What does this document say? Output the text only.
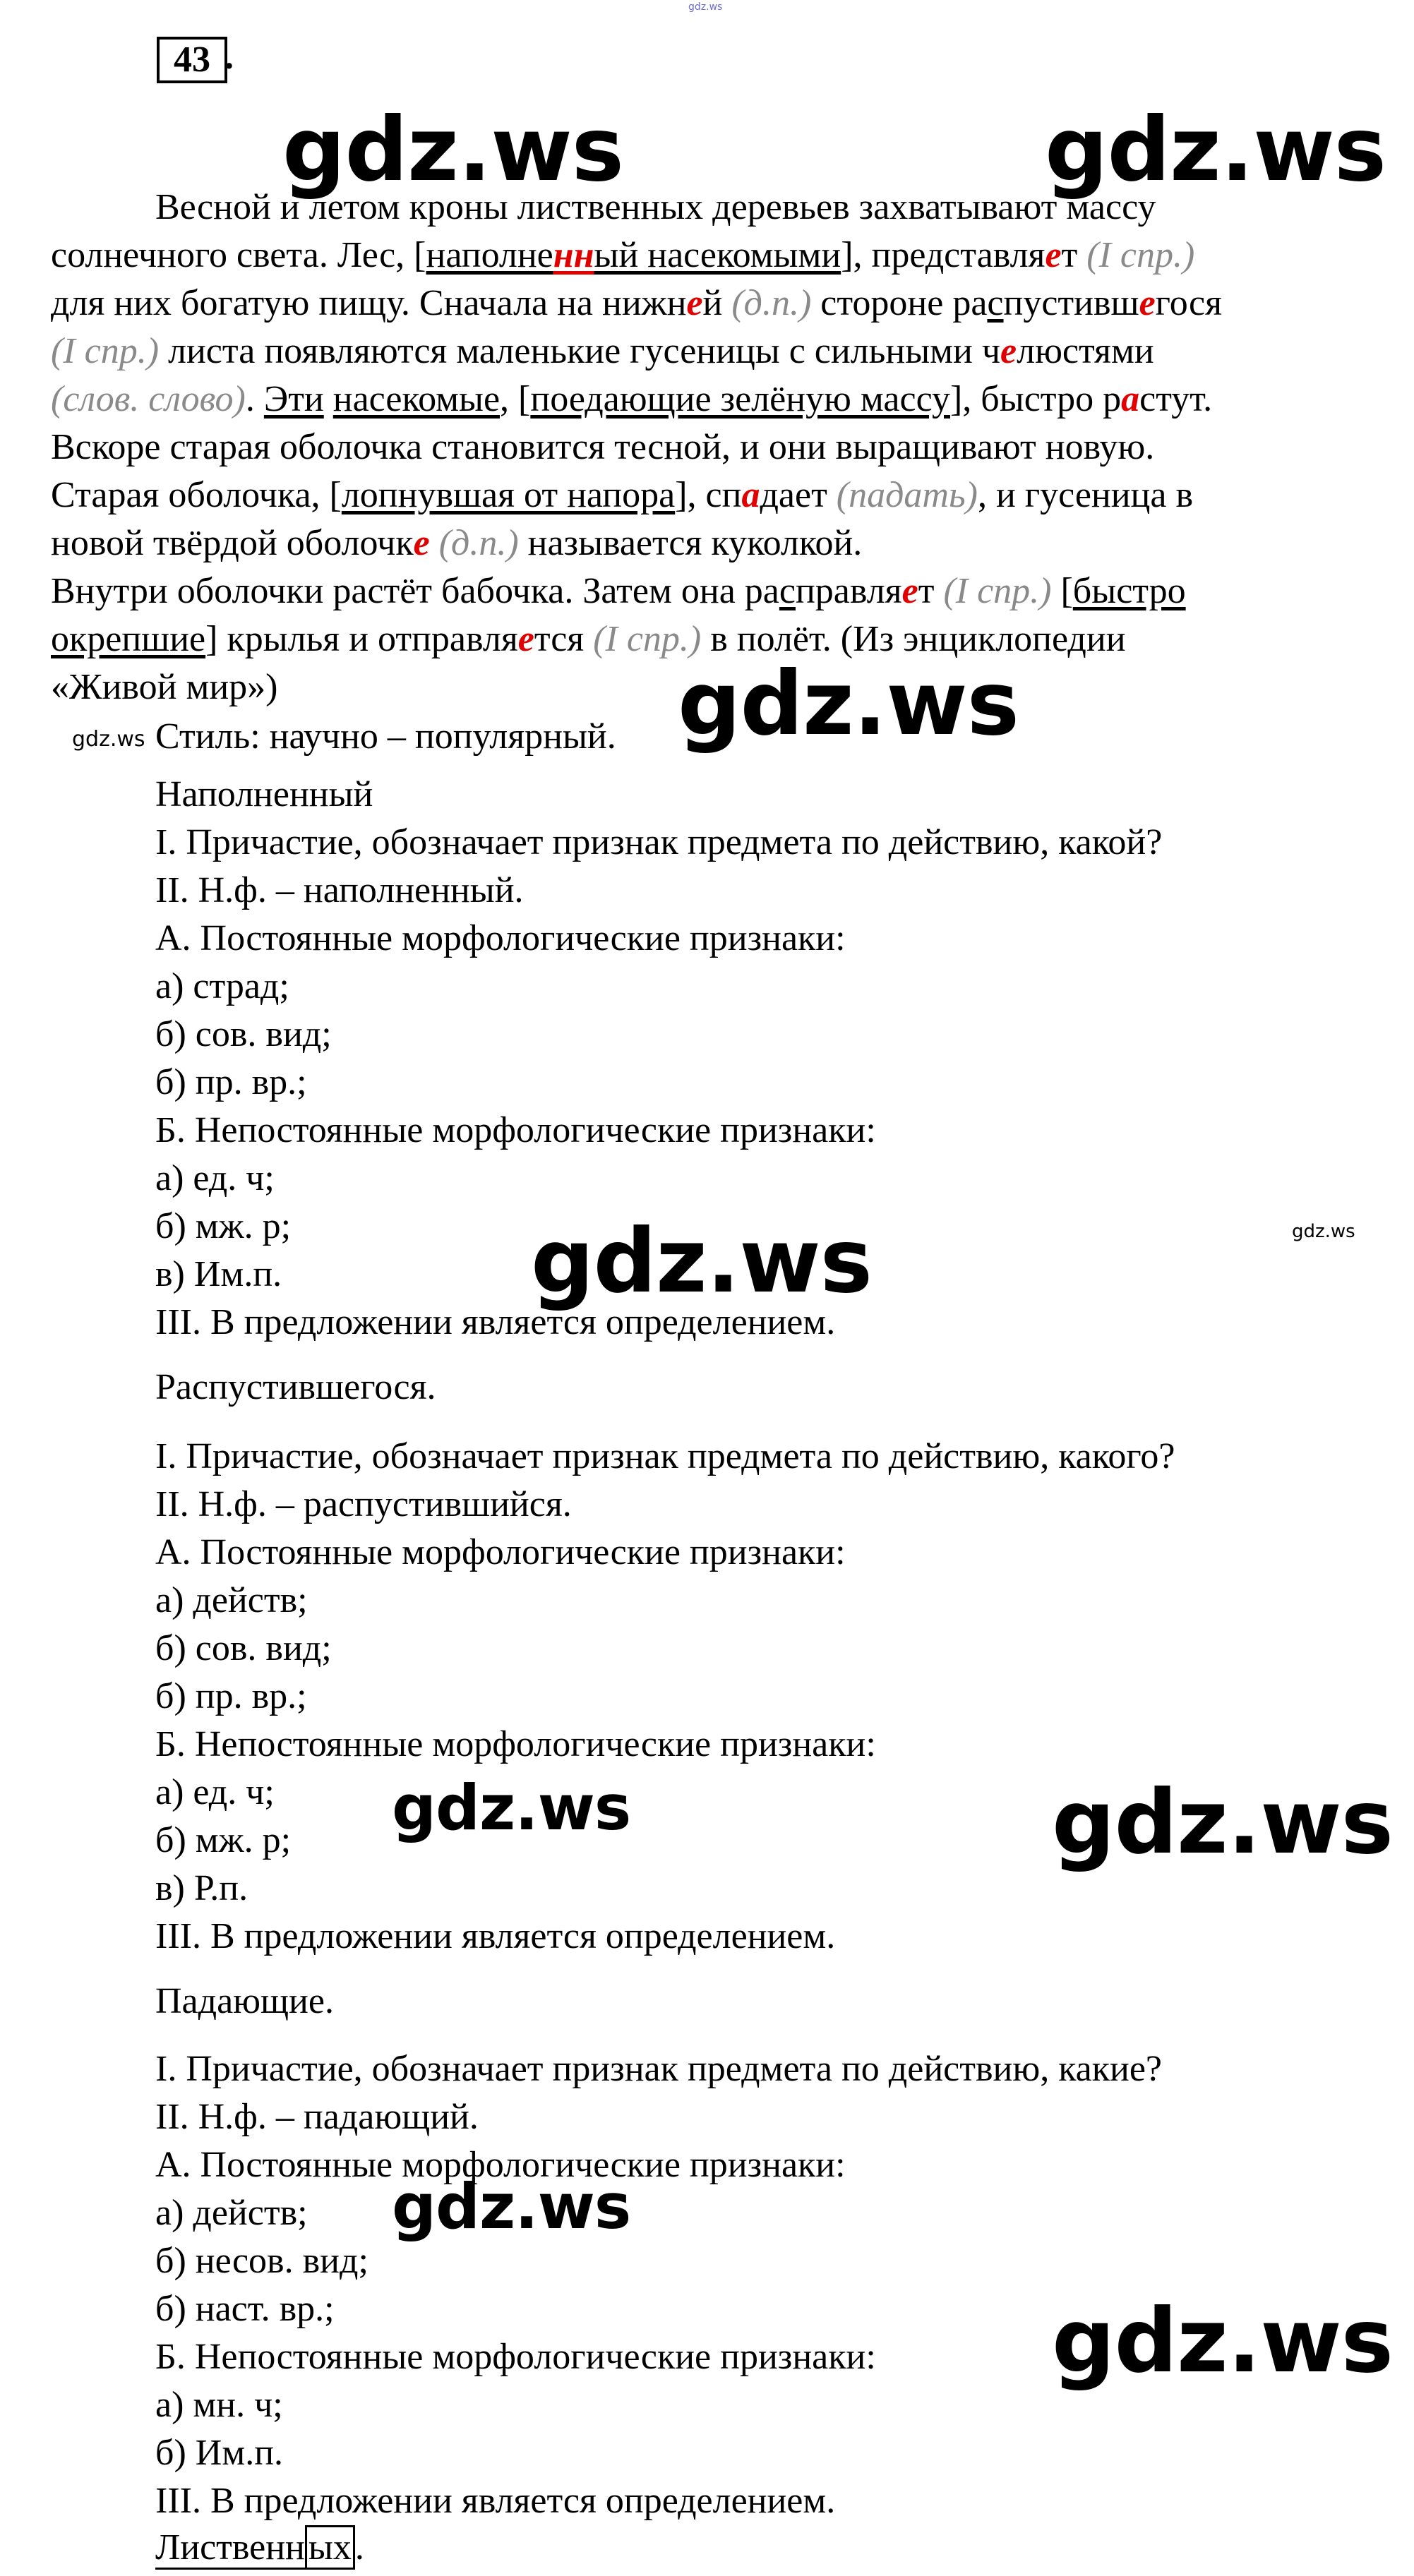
gdz.ws
43 .
gdz.ws	gdz.ws
Весной и летом кроны лиственных деревьев захватывают массу
солнечного света. Лес, [наполненный насекомыми], представляет (I спр.)
для них богатую пищу. Сначала на нижней (д.п.) стороне распустившегося
(I спр.) листа появляются маленькие гусеницы с сильными челюстями
(слов. слово). Эти насекомые, [поедающие зелёную массу], быстро растут.
Вскоре старая оболочка становится тесной, и они выращивают новую.
Старая оболочка, [лопнувшая от напора], спадает (падать), и гусеница в
новой твёрдой оболочке (д.п.) называется куколкой.
Внутри оболочки растёт бабочка. Затем она расправляет (I спр.) [быстро
окрепшие] крылья и отправляется (I спр.) в полёт. (Из энциклопедии
«Живой мир»)
gdz.ws Стиль: научно – популярный. gdz.ws
Наполненный
I. Причастие, обозначает признак предмета по действию, какой?
II. Н.ф. – наполненный.
А. Постоянные морфологические признаки:
а) страд;
б) сов. вид;
б) пр. вр.;
Б. Непостоянные морфологические признаки:
а) ед. ч;
б) мж. р;
в) Им.п.
III. В предложении является определением.
gdz.ws	gdz.ws
Распустившегося.
I. Причастие, обозначает признак предмета по действию, какого?
II. Н.ф. – распустившийся.
А. Постоянные морфологические признаки:
а) действ;
б) сов. вид;
б) пр. вр.;
Б. Непостоянные морфологические признаки:
а) ед. ч;
б) мж. р;
в) Р.п.
III. В предложении является определением.
gdz.ws	gdz.ws
Падающие.
I. Причастие, обозначает признак предмета по действию, какие?
II. Н.ф. – падающий.
А. Постоянные морфологические признаки:
а) действ;
б) несов. вид;
б) наст. вр.;
Б. Непостоянные морфологические признаки:
а) мн. ч;
б) Им.п.
III. В предложении является определением.
gdz.ws
gdz.ws
Лиственных.
